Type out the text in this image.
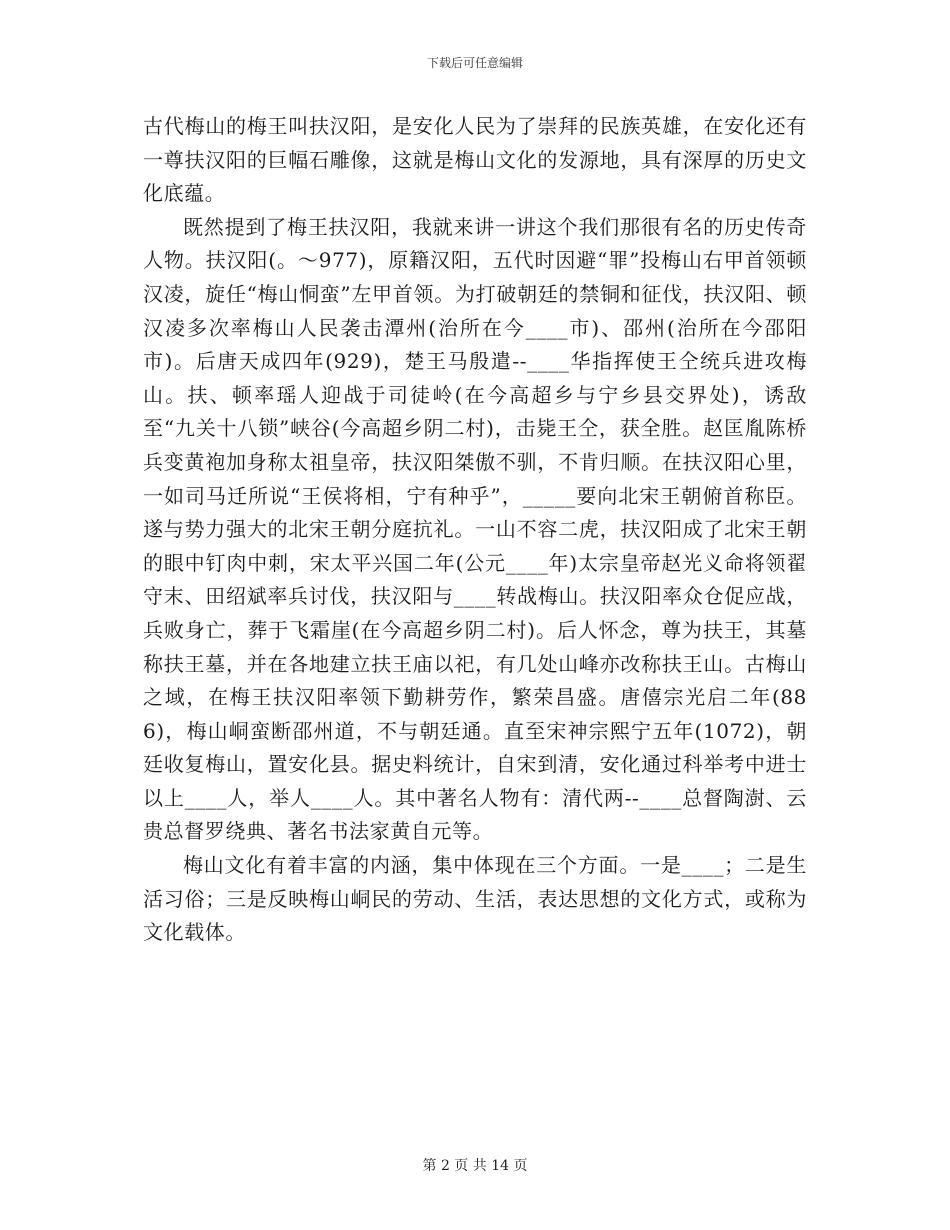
下载后可任意编辑

古代梅山的梅王叫扶汉阳，是安化人民为了崇拜的民族英雄，在安化还有一尊扶汉阳的巨幅石雕像，这就是梅山文化的发源地，具有深厚的历史文化底蕴。

既然提到了梅王扶汉阳，我就来讲一讲这个我们那很有名的历史传奇人物。扶汉阳(。～977)，原籍汉阳，五代时因避“罪”投梅山右甲首领顿汉凌，旋任“梅山恫蛮”左甲首领。为打破朝廷的禁铜和征伐，扶汉阳、顿汉凌多次率梅山人民袭击潭州(治所在今____市)、邵州(治所在今邵阳市)。后唐天成四年(929)，楚王马殷遣--____华指挥使王仝统兵进攻梅山。扶、顿率瑶人迎战于司徒岭(在今高超乡与宁乡县交界处)，诱敌至“九关十八锁”峡谷(今高超乡阴二村)，击毙王仝，获全胜。赵匡胤陈桥兵变黄袍加身称太祖皇帝，扶汉阳桀傲不驯，不肯归顺。在扶汉阳心里，一如司马迁所说“王侯将相，宁有种乎”，_____要向北宋王朝俯首称臣。遂与势力强大的北宋王朝分庭抗礼。一山不容二虎，扶汉阳成了北宋王朝的眼中钉肉中刺，宋太平兴国二年(公元____年)太宗皇帝赵光义命将领翟守末、田绍斌率兵讨伐，扶汉阳与____转战梅山。扶汉阳率众仓促应战，兵败身亡，葬于飞霜崖(在今高超乡阴二村)。后人怀念，尊为扶王，其墓称扶王墓，并在各地建立扶王庙以祀，有几处山峰亦改称扶王山。古梅山之域，在梅王扶汉阳率领下勤耕劳作，繁荣昌盛。唐僖宗光启二年(886)，梅山峒蛮断邵州道，不与朝廷通。直至宋神宗熙宁五年(1072)，朝廷收复梅山，置安化县。据史料统计，自宋到清，安化通过科举考中进士以上____人，举人____人。其中著名人物有：清代两--____总督陶澍、云贵总督罗绕典、著名书法家黄自元等。

梅山文化有着丰富的内涵，集中体现在三个方面。一是____；二是生活习俗；三是反映梅山峒民的劳动、生活，表达思想的文化方式，或称为文化载体。

第 2 页 共 14 页
